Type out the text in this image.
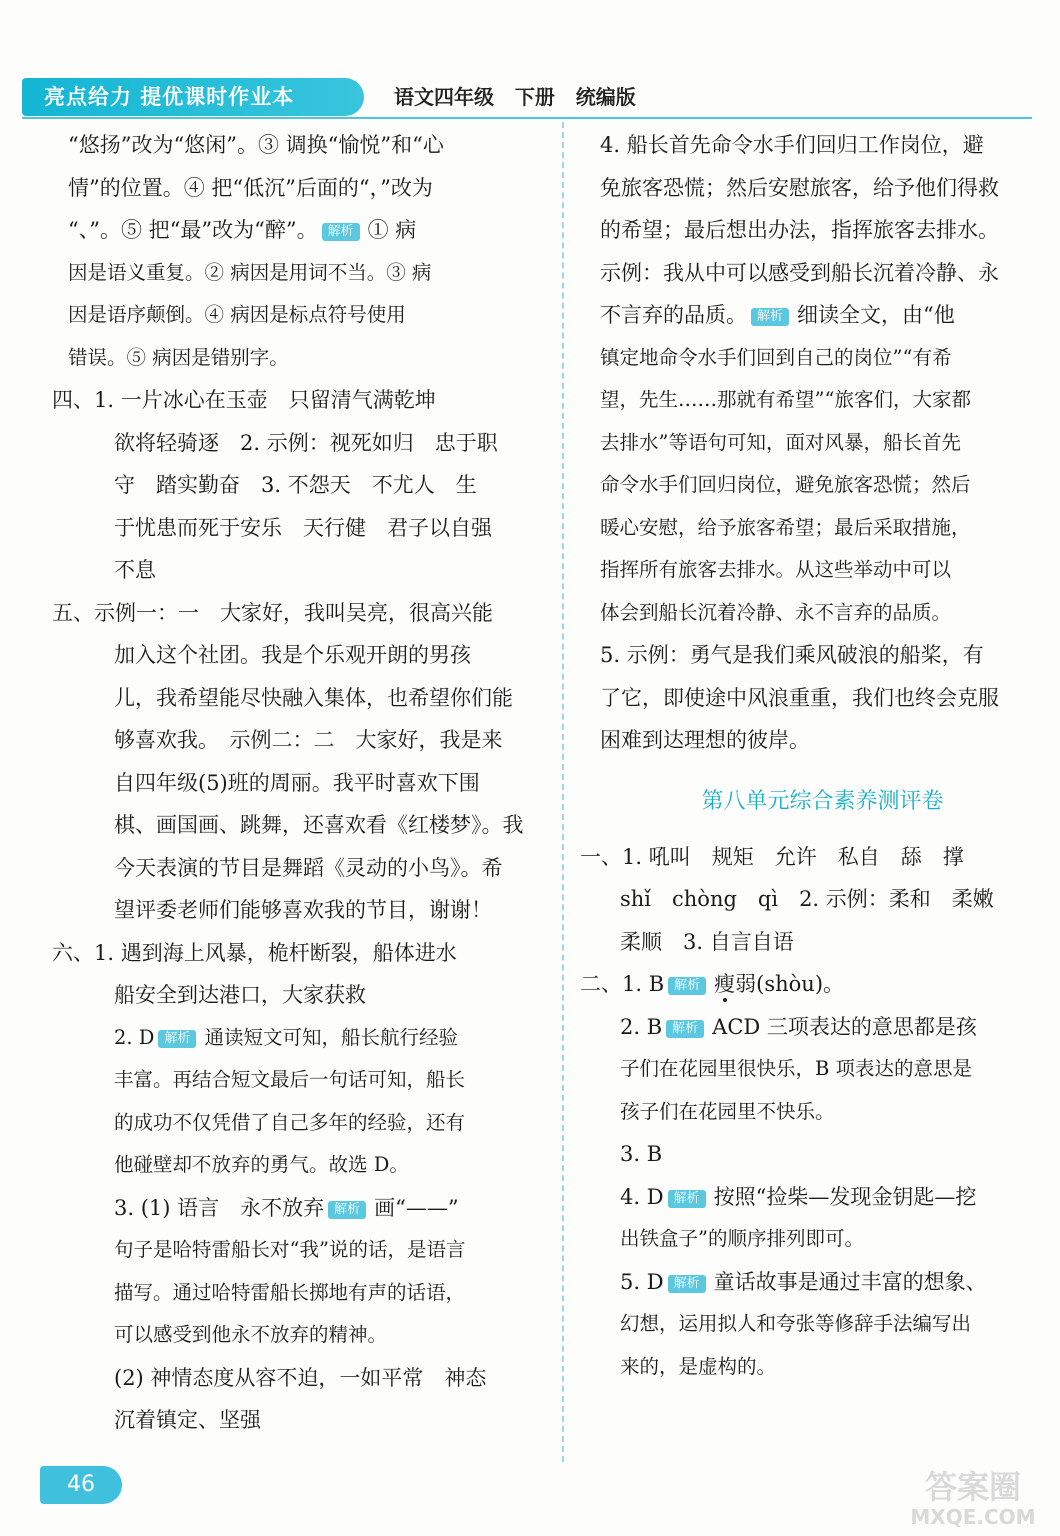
亮点给力 提优课时作业本	语文四年级   下册   统编版

“悠扬”改为“悠闲”。③ 调换“愉悦”和“心

情”的位置。④ 把“低沉”后面的“，”改为

“、”。⑤ 把“最”改为“醉”。 解析 ① 病

因是语义重复。② 病因是用词不当。③ 病

因是语序颠倒。④ 病因是标点符号使用

错误。⑤ 病因是错别字。

四、1. 一片冰心在玉壶　只留清气满乾坤

欲将轻骑逐　2. 示例：视死如归　忠于职

守　踏实勤奋　3. 不怨天　不尤人　生

于忧患而死于安乐　天行健　君子以自强

不息

五、示例一：一　大家好，我叫吴亮，很高兴能

加入这个社团。我是个乐观开朗的男孩

儿，我希望能尽快融入集体，也希望你们能

够喜欢我。　示例二：二　大家好，我是来

自四年级(5)班的周丽。我平时喜欢下围

棋、画国画、跳舞，还喜欢看《红楼梦》。我

今天表演的节目是舞蹈《灵动的小鸟》。希

望评委老师们能够喜欢我的节目，谢谢！

六、1. 遇到海上风暴，桅杆断裂，船体进水

船安全到达港口，大家获救

2. D 解析 通读短文可知，船长航行经验

丰富。再结合短文最后一句话可知，船长

的成功不仅凭借了自己多年的经验，还有

他碰壁却不放弃的勇气。故选 D。

3. (1) 语言　永不放弃 解析 画“——”

句子是哈特雷船长对“我”说的话，是语言

描写。通过哈特雷船长掷地有声的话语，

可以感受到他永不放弃的精神。

(2) 神情态度从容不迫，一如平常　神态

沉着镇定、坚强

4. 船长首先命令水手们回归工作岗位，避

免旅客恐慌；然后安慰旅客，给予他们得救

的希望；最后想出办法，指挥旅客去排水。

示例：我从中可以感受到船长沉着冷静、永

不言弃的品质。 解析 细读全文，由“他

镇定地命令水手们回到自己的岗位”“有希

望，先生……那就有希望”“旅客们，大家都

去排水”等语句可知，面对风暴，船长首先

命令水手们回归岗位，避免旅客恐慌；然后

暖心安慰，给予旅客希望；最后采取措施，

指挥所有旅客去排水。从这些举动中可以

体会到船长沉着冷静、永不言弃的品质。

5. 示例：勇气是我们乘风破浪的船桨，有

了它，即使途中风浪重重，我们也终会克服

困难到达理想的彼岸。

第八单元综合素养测评卷

一、1. 吼叫　规矩　允许　私自　舔　撑

shǐ　chòng　qì　2. 示例：柔和　柔嫩

柔顺　3. 自言自语

二、1. B 解析 瘦弱(shòu)。

2. B 解析 ACD 三项表达的意思都是孩

子们在花园里很快乐，B 项表达的意思是

孩子们在花园里不快乐。

3. B

4. D 解析 按照“捡柴—发现金钥匙—挖

出铁盒子”的顺序排列即可。

5. D 解析 童话故事是通过丰富的想象、

幻想，运用拟人和夸张等修辞手法编写出

来的，是虚构的。

46	答案圈
MXQE.COM
